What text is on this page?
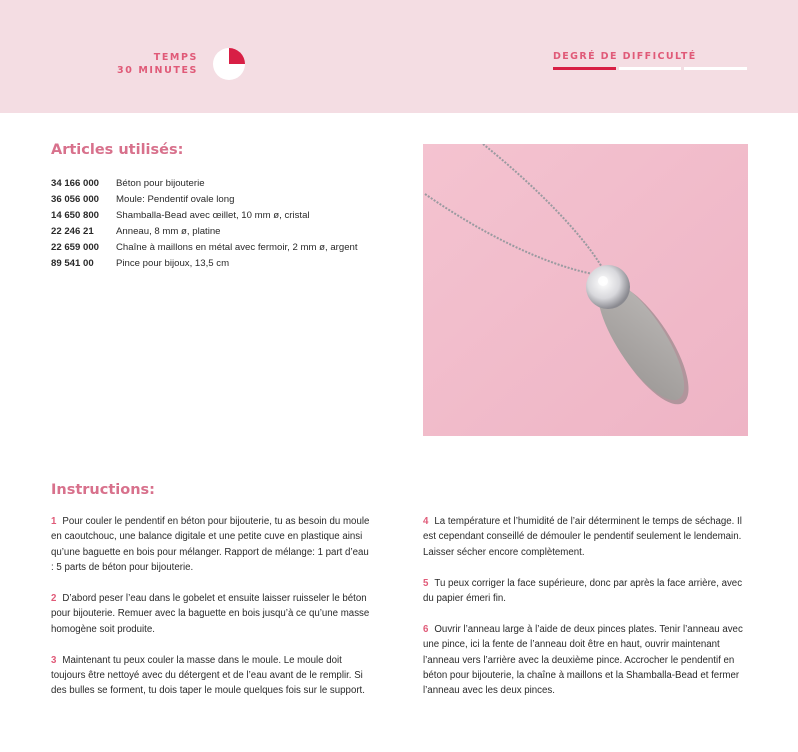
TEMPS
30 MINUTES
DEGRÉ DE DIFFICULTÉ
Articles utilisés:
34 166 000	Béton pour bijouterie
36 056 000	Moule: Pendentif ovale long
14 650 800	Shamballa-Bead avec œillet, 10 mm ø, cristal
22 246 21	Anneau, 8 mm ø, platine
22 659 000	Chaîne à maillons en métal avec fermoir, 2 mm ø, argent
89 541 00	Pince pour bijoux, 13,5 cm
Instructions:
1 Pour couler le pendentif en béton pour bijouterie, tu as besoin du moule en caoutchouc, une balance digitale et une petite cuve en plastique ainsi qu’une baguette en bois pour mélanger. Rapport de mélange: 1 part d’eau : 5 parts de béton pour bijouterie.
2 D’abord peser l’eau dans le gobelet et ensuite laisser ruisseler le béton pour bijouterie. Remuer avec la baguette en bois jusqu’à ce qu’une masse homogène soit produite.
3 Maintenant tu peux couler la masse dans le moule. Le moule doit toujours être nettoyé avec du détergent et de l’eau avant de le remplir. Si des bulles se forment, tu dois taper le moule quelques fois sur le support.
4 La température et l’humidité de l’air déterminent le temps de séchage. Il est cependant conseillé de démouler le pendentif seulement le lendemain. Laisser sécher encore complètement.
5 Tu peux corriger la face supérieure, donc par après la face arrière, avec du papier émeri fin.
6 Ouvrir l’anneau large à l’aide de deux pinces plates. Tenir l’anneau avec une pince, ici la fente de l’anneau doit être en haut, ouvrir maintenant l’anneau vers l’arrière avec la deuxième pince. Accrocher le pendentif en béton pour bijouterie, la chaîne à maillons et la Shamballa-Bead et fermer l’anneau avec les deux pinces.
